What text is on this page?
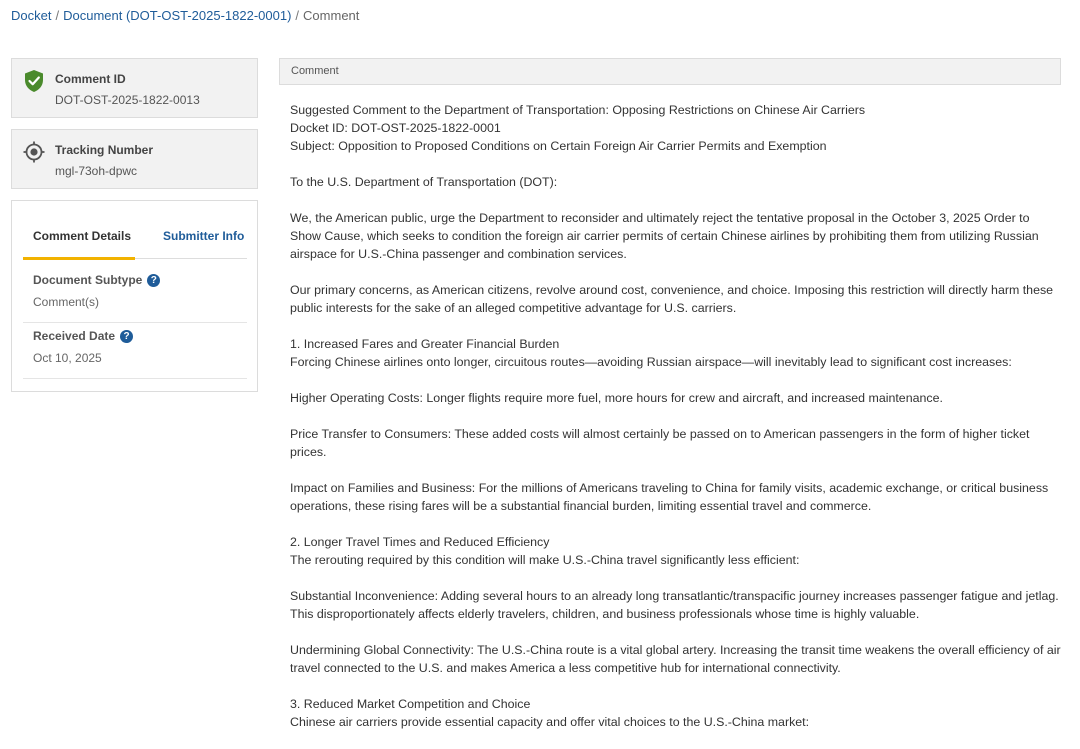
Docket / Document (DOT-OST-2025-1822-0001) / Comment
Comment ID
DOT-OST-2025-1822-0013
Tracking Number
mgl-73oh-dpwc
Comment Details	Submitter Info
Document Subtype ?
Comment(s)
Received Date ?
Oct 10, 2025
Comment

Suggested Comment to the Department of Transportation: Opposing Restrictions on Chinese Air Carriers

Docket ID: DOT-OST-2025-1822-0001

Subject: Opposition to Proposed Conditions on Certain Foreign Air Carrier Permits and Exemption

To the U.S. Department of Transportation (DOT):

We, the American public, urge the Department to reconsider and ultimately reject the tentative proposal in the October 3, 2025 Order to Show Cause, which seeks to condition the foreign air carrier permits of certain Chinese airlines by prohibiting them from utilizing Russian airspace for U.S.-China passenger and combination services.

Our primary concerns, as American citizens, revolve around cost, convenience, and choice. Imposing this restriction will directly harm these public interests for the sake of an alleged competitive advantage for U.S. carriers.

1. Increased Fares and Greater Financial Burden

Forcing Chinese airlines onto longer, circuitous routes—avoiding Russian airspace—will inevitably lead to significant cost increases:

Higher Operating Costs: Longer flights require more fuel, more hours for crew and aircraft, and increased maintenance.

Price Transfer to Consumers: These added costs will almost certainly be passed on to American passengers in the form of higher ticket prices.

Impact on Families and Business: For the millions of Americans traveling to China for family visits, academic exchange, or critical business operations, these rising fares will be a substantial financial burden, limiting essential travel and commerce.

2. Longer Travel Times and Reduced Efficiency

The rerouting required by this condition will make U.S.-China travel significantly less efficient:

Substantial Inconvenience: Adding several hours to an already long transatlantic/transpacific journey increases passenger fatigue and jetlag. This disproportionately affects elderly travelers, children, and business professionals whose time is highly valuable.

Undermining Global Connectivity: The U.S.-China route is a vital global artery. Increasing the transit time weakens the overall efficiency of air travel connected to the U.S. and makes America a less competitive hub for international connectivity.

3. Reduced Market Competition and Choice

Chinese air carriers provide essential capacity and offer vital choices to the U.S.-China market:
